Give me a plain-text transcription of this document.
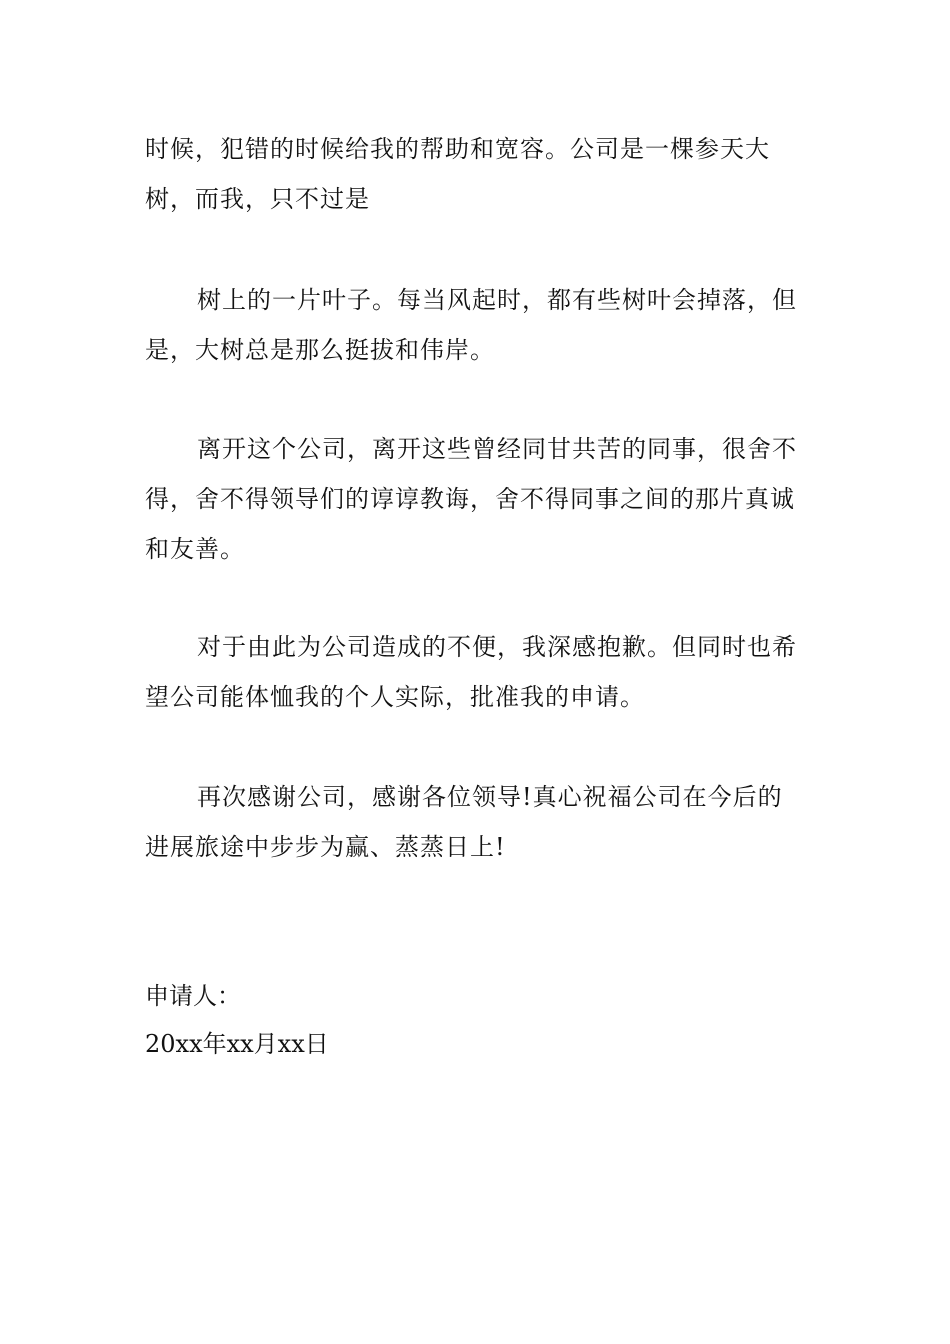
时候，犯错的时候给我的帮助和宽容。公司是一棵参天大树，而我，只不过是

树上的一片叶子。每当风起时，都有些树叶会掉落，但是，大树总是那么挺拔和伟岸。

离开这个公司，离开这些曾经同甘共苦的同事，很舍不得，舍不得领导们的谆谆教诲，舍不得同事之间的那片真诚和友善。

对于由此为公司造成的不便，我深感抱歉。但同时也希望公司能体恤我的个人实际，批准我的申请。

再次感谢公司，感谢各位领导!真心祝福公司在今后的进展旅途中步步为赢、蒸蒸日上!

申请人：

20xx年xx月xx日
